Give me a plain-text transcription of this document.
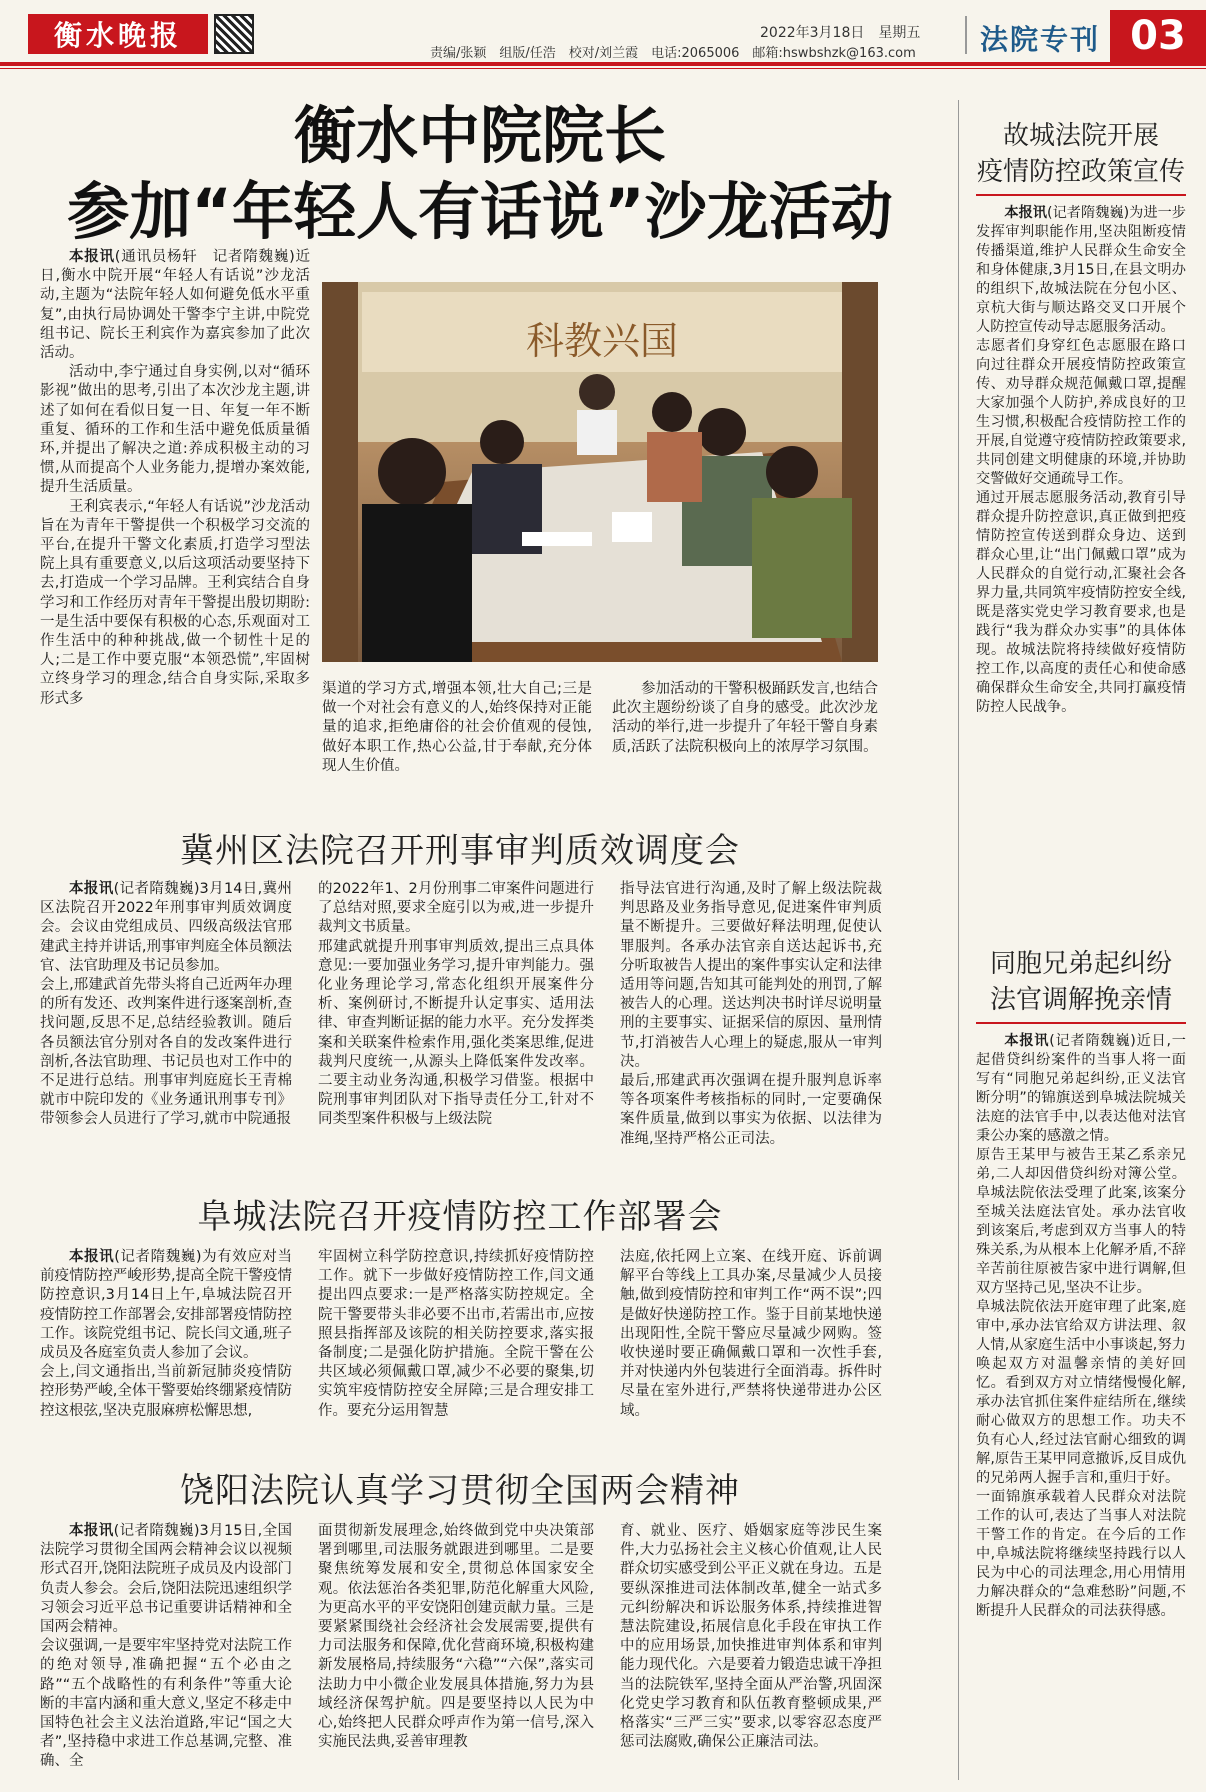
衡水晚报	2022年3月18日　星期五
责编/张颖　组版/任浩　校对/刘兰霞　电话:2065006　邮箱:hswbshzk@163.com 法院专刊 03
衡水中院院长
参加“年轻人有话说”沙龙活动

本报讯(通讯员杨轩　记者隋魏巍)近日,衡水中院开展“年轻人有话说”沙龙活动,主题为“法院年轻人如何避免低水平重复”,由执行局协调处干警李宁主讲,中院党组书记、院长王利宾作为嘉宾参加了此次活动。

活动中,李宁通过自身实例,以对“循环影视”做出的思考,引出了本次沙龙主题,讲述了如何在看似日复一日、年复一年不断重复、循环的工作和生活中避免低质量循环,并提出了解决之道:养成积极主动的习惯,从而提高个人业务能力,提增办案效能,提升生活质量。

王利宾表示,“年轻人有话说”沙龙活动旨在为青年干警提供一个积极学习交流的平台,在提升干警文化素质,打造学习型法院上具有重要意义,以后这项活动要坚持下去,打造成一个学习品牌。王利宾结合自身学习和工作经历对青年干警提出殷切期盼:一是生活中要保有积极的心态,乐观面对工作生活中的种种挑战,做一个韧性十足的人;二是工作中要克服“本领恐慌”,牢固树立终身学习的理念,结合自身实际,采取多形式多

科教兴国

渠道的学习方式,增强本领,壮大自己;三是做一个对社会有意义的人,始终保持对正能量的追求,拒绝庸俗的社会价值观的侵蚀,做好本职工作,热心公益,甘于奉献,充分体现人生价值。

参加活动的干警积极踊跃发言,也结合此次主题纷纷谈了自身的感受。此次沙龙活动的举行,进一步提升了年轻干警自身素质,活跃了法院积极向上的浓厚学习氛围。

冀州区法院召开刑事审判质效调度会

本报讯(记者隋魏巍)3月14日,冀州区法院召开2022年刑事审判质效调度会。会议由党组成员、四级高级法官邢建武主持并讲话,刑事审判庭全体员额法官、法官助理及书记员参加。
会上,邢建武首先带头将自己近两年办理的所有发还、改判案件进行逐案剖析,查找问题,反思不足,总结经验教训。随后各员额法官分别对各自的发改案件进行剖析,各法官助理、书记员也对工作中的不足进行总结。刑事审判庭庭长王青棉就市中院印发的《业务通讯刑事专刊》带领参会人员进行了学习,就市中院通报

的2022年1、2月份刑事二审案件问题进行了总结对照,要求全庭引以为戒,进一步提升裁判文书质量。
邢建武就提升刑事审判质效,提出三点具体意见:一要加强业务学习,提升审判能力。强化业务理论学习,常态化组织开展案件分析、案例研讨,不断提升认定事实、适用法律、审查判断证据的能力水平。充分发挥类案和关联案件检索作用,强化类案思维,促进裁判尺度统一,从源头上降低案件发改率。二要主动业务沟通,积极学习借鉴。根据中院刑事审判团队对下指导责任分工,针对不同类型案件积极与上级法院

指导法官进行沟通,及时了解上级法院裁判思路及业务指导意见,促进案件审判质量不断提升。三要做好释法明理,促使认罪服判。各承办法官亲自送达起诉书,充分听取被告人提出的案件事实认定和法律适用等问题,告知其可能判处的刑罚,了解被告人的心理。送达判决书时详尽说明量刑的主要事实、证据采信的原因、量刑情节,打消被告人心理上的疑虑,服从一审判决。
最后,邢建武再次强调在提升服判息诉率等各项案件考核指标的同时,一定要确保案件质量,做到以事实为依据、以法律为准绳,坚持严格公正司法。

阜城法院召开疫情防控工作部署会

本报讯(记者隋魏巍)为有效应对当前疫情防控严峻形势,提高全院干警疫情防控意识,3月14日上午,阜城法院召开疫情防控工作部署会,安排部署疫情防控工作。该院党组书记、院长闫文通,班子成员及各庭室负责人参加了会议。
会上,闫文通指出,当前新冠肺炎疫情防控形势严峻,全体干警要始终绷紧疫情防控这根弦,坚决克服麻痹松懈思想,

牢固树立科学防控意识,持续抓好疫情防控工作。就下一步做好疫情防控工作,闫文通提出四点要求:一是严格落实防控规定。全院干警要带头非必要不出市,若需出市,应按照县指挥部及该院的相关防控要求,落实报备制度;二是强化防护措施。全院干警在公共区域必须佩戴口罩,减少不必要的聚集,切实筑牢疫情防控安全屏障;三是合理安排工作。要充分运用智慧

法庭,依托网上立案、在线开庭、诉前调解平台等线上工具办案,尽量减少人员接触,做到疫情防控和审判工作“两不误”;四是做好快递防控工作。鉴于目前某地快递出现阳性,全院干警应尽量减少网购。签收快递时要正确佩戴口罩和一次性手套,并对快递内外包装进行全面消毒。拆件时尽量在室外进行,严禁将快递带进办公区域。

饶阳法院认真学习贯彻全国两会精神

本报讯(记者隋魏巍)3月15日,全国法院学习贯彻全国两会精神会议以视频形式召开,饶阳法院班子成员及内设部门负责人参会。会后,饶阳法院迅速组织学习领会习近平总书记重要讲话精神和全国两会精神。
会议强调,一是要牢牢坚持党对法院工作的绝对领导,准确把握“五个必由之路”“五个战略性的有利条件”等重大论断的丰富内涵和重大意义,坚定不移走中国特色社会主义法治道路,牢记“国之大者”,坚持稳中求进工作总基调,完整、准确、全

面贯彻新发展理念,始终做到党中央决策部署到哪里,司法服务就跟进到哪里。二是要聚焦统筹发展和安全,贯彻总体国家安全观。依法惩治各类犯罪,防范化解重大风险,为更高水平的平安饶阳创建贡献力量。三是要紧紧围绕社会经济社会发展需要,提供有力司法服务和保障,优化营商环境,积极构建新发展格局,持续服务“六稳”“六保”,落实司法助力中小微企业发展具体措施,努力为县域经济保驾护航。四是要坚持以人民为中心,始终把人民群众呼声作为第一信号,深入实施民法典,妥善审理教

育、就业、医疗、婚姻家庭等涉民生案件,大力弘扬社会主义核心价值观,让人民群众切实感受到公平正义就在身边。五是要纵深推进司法体制改革,健全一站式多元纠纷解决和诉讼服务体系,持续推进智慧法院建设,拓展信息化手段在审执工作中的应用场景,加快推进审判体系和审判能力现代化。六是要着力锻造忠诚干净担当的法院铁军,坚持全面从严治警,巩固深化党史学习教育和队伍教育整顿成果,严格落实“三严三实”要求,以零容忍态度严惩司法腐败,确保公正廉洁司法。

故城法院开展
疫情防控政策宣传

本报讯(记者隋魏巍)为进一步发挥审判职能作用,坚决阻断疫情传播渠道,维护人民群众生命安全和身体健康,3月15日,在县文明办的组织下,故城法院在分包小区、京杭大街与顺达路交叉口开展个人防控宣传动导志愿服务活动。
志愿者们身穿红色志愿服在路口向过往群众开展疫情防控政策宣传、劝导群众规范佩戴口罩,提醒大家加强个人防护,养成良好的卫生习惯,积极配合疫情防控工作的开展,自觉遵守疫情防控政策要求,共同创建文明健康的环境,并协助交警做好交通疏导工作。
通过开展志愿服务活动,教育引导群众提升防控意识,真正做到把疫情防控宣传送到群众身边、送到群众心里,让“出门佩戴口罩”成为人民群众的自觉行动,汇聚社会各界力量,共同筑牢疫情防控安全线,既是落实党史学习教育要求,也是践行“我为群众办实事”的具体体现。故城法院将持续做好疫情防控工作,以高度的责任心和使命感确保群众生命安全,共同打赢疫情防控人民战争。

同胞兄弟起纠纷
法官调解挽亲情

本报讯(记者隋魏巍)近日,一起借贷纠纷案件的当事人将一面写有“同胞兄弟起纠纷,正义法官断分明”的锦旗送到阜城法院城关法庭的法官手中,以表达他对法官秉公办案的感激之情。
原告王某甲与被告王某乙系亲兄弟,二人却因借贷纠纷对簿公堂。阜城法院依法受理了此案,该案分至城关法庭法官处。承办法官收到该案后,考虑到双方当事人的特殊关系,为从根本上化解矛盾,不辞辛苦前往原被告家中进行调解,但双方坚持己见,坚决不让步。
阜城法院依法开庭审理了此案,庭审中,承办法官给双方讲法理、叙人情,从家庭生活中小事谈起,努力唤起双方对温馨亲情的美好回忆。看到双方对立情绪慢慢化解,承办法官抓住案件症结所在,继续耐心做双方的思想工作。功夫不负有心人,经过法官耐心细致的调解,原告王某甲同意撤诉,反目成仇的兄弟两人握手言和,重归于好。
一面锦旗承载着人民群众对法院工作的认可,表达了当事人对法院干警工作的肯定。在今后的工作中,阜城法院将继续坚持践行以人民为中心的司法理念,用心用情用力解决群众的“急难愁盼”问题,不断提升人民群众的司法获得感。
